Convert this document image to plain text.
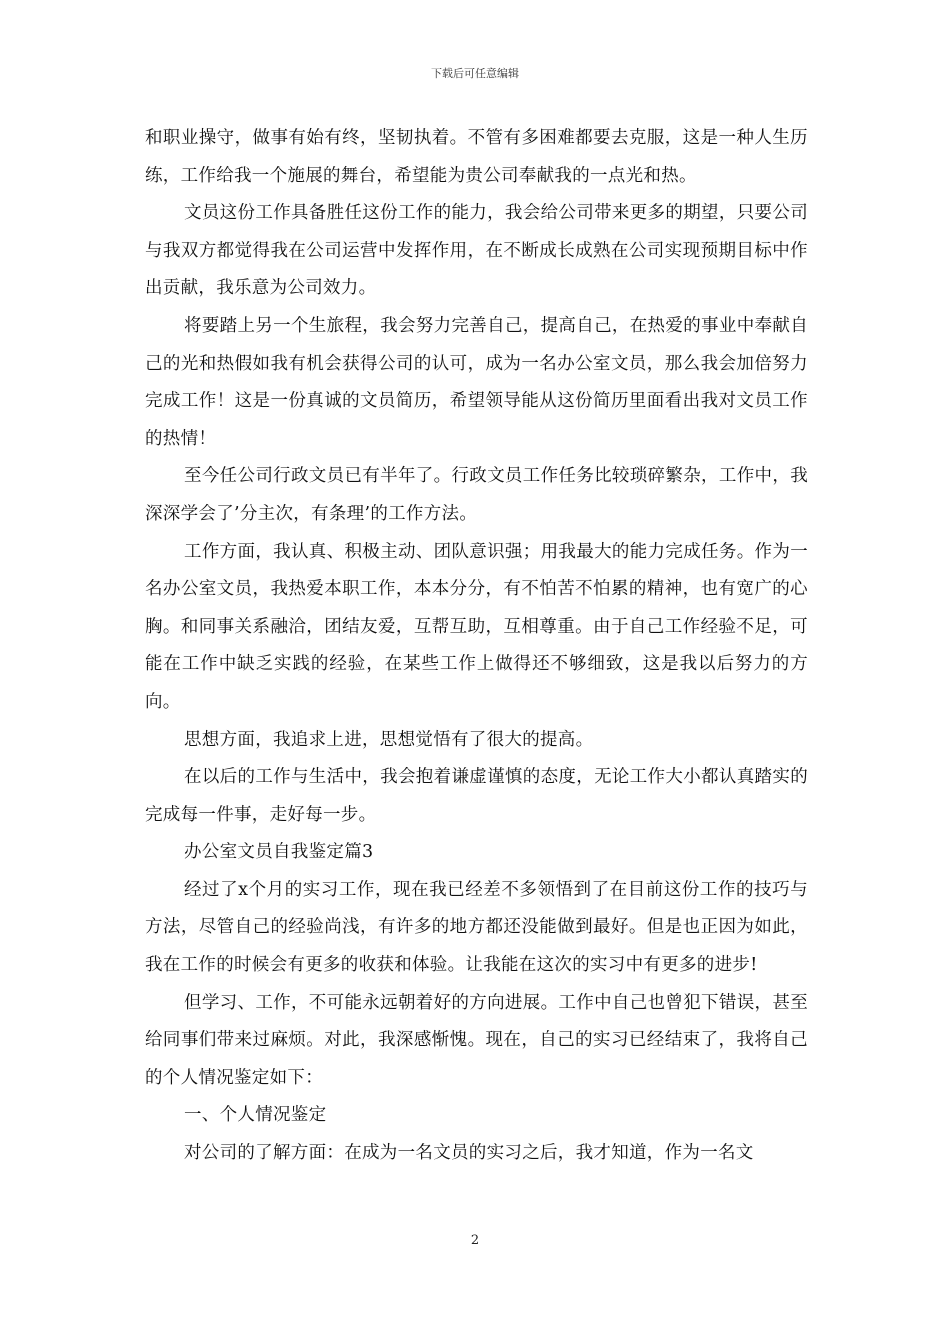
下载后可任意编辑

和职业操守，做事有始有终，坚韧执着。不管有多困难都要去克服，这是一种人生历练，工作给我一个施展的舞台，希望能为贵公司奉献我的一点光和热。

文员这份工作具备胜任这份工作的能力，我会给公司带来更多的期望，只要公司与我双方都觉得我在公司运营中发挥作用，在不断成长成熟在公司实现预期目标中作出贡献，我乐意为公司效力。

将要踏上另一个生旅程，我会努力完善自己，提高自己，在热爱的事业中奉献自己的光和热假如我有机会获得公司的认可，成为一名办公室文员，那么我会加倍努力完成工作！这是一份真诚的文员简历，希望领导能从这份简历里面看出我对文员工作的热情！

至今任公司行政文员已有半年了。行政文员工作任务比较琐碎繁杂，工作中，我深深学会了’分主次，有条理’的工作方法。

工作方面，我认真、积极主动、团队意识强；用我最大的能力完成任务。作为一名办公室文员，我热爱本职工作，本本分分，有不怕苦不怕累的精神，也有宽广的心胸。和同事关系融洽，团结友爱，互帮互助，互相尊重。由于自己工作经验不足，可能在工作中缺乏实践的经验，在某些工作上做得还不够细致，这是我以后努力的方向。

思想方面，我追求上进，思想觉悟有了很大的提高。

在以后的工作与生活中，我会抱着谦虚谨慎的态度，无论工作大小都认真踏实的完成每一件事，走好每一步。

办公室文员自我鉴定篇3

经过了x个月的实习工作，现在我已经差不多领悟到了在目前这份工作的技巧与方法，尽管自己的经验尚浅，有许多的地方都还没能做到最好。但是也正因为如此，我在工作的时候会有更多的收获和体验。让我能在这次的实习中有更多的进步!

但学习、工作，不可能永远朝着好的方向进展。工作中自己也曾犯下错误，甚至给同事们带来过麻烦。对此，我深感惭愧。现在，自己的实习已经结束了，我将自己的个人情况鉴定如下：

一、个人情况鉴定

对公司的了解方面：在成为一名文员的实习之后，我才知道，作为一名文

2
